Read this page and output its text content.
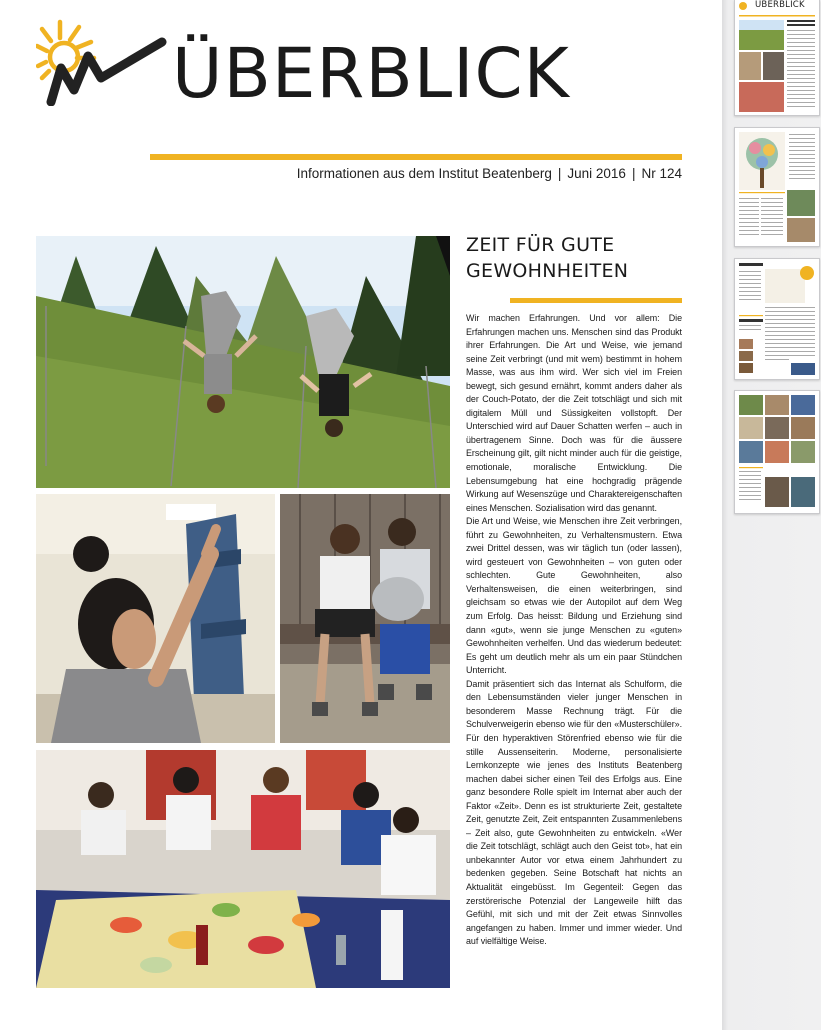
ÜBERBLICK
Informationen aus dem Institut Beatenberg | Juni 2016 | Nr 124
ZEIT FÜR GUTE
GEWOHNHEITEN

Wir machen Erfahrungen. Und vor allem: Die Erfahrungen machen uns. Menschen sind das Produkt ihrer Erfahrungen. Die Art und Weise, wie jemand seine Zeit verbringt (und mit wem) bestimmt in hohem Masse, was aus ihm wird. Wer sich viel im Freien bewegt, sich gesund ernährt, kommt anders daher als der Couch-Potato, der die Zeit totschlägt und sich mit digitalem Müll und Süssigkeiten vollstopft. Der Unterschied wird auf Dauer Schatten werfen – auch in übertragenem Sinne. Doch was für die äussere Erscheinung gilt, gilt nicht minder auch für die geistige, emotionale, moralische Entwicklung. Die Lebensumgebung hat eine hochgradig prägende Wirkung auf Wesenszüge und Charaktereigenschaften eines Menschen. Sozialisation wird das genannt.

Die Art und Weise, wie Menschen ihre Zeit verbringen, führt zu Gewohnheiten, zu Verhaltensmustern. Etwa zwei Drittel dessen, was wir täglich tun (oder lassen), wird gesteuert von Gewohnheiten – von guten oder schlechten. Gute Gewohnheiten, also Verhaltensweisen, die einen weiterbringen, sind gleichsam so etwas wie der Autopilot auf dem Weg zum Erfolg. Das heisst: Bildung und Erziehung sind dann «gut», wenn sie junge Menschen zu «guten» Gewohnheiten verhelfen. Und das wiederum bedeutet: Es geht um deutlich mehr als um ein paar Stündchen Unterricht.

Damit präsentiert sich das Internat als Schulform, die den Lebensumständen vieler junger Menschen in besonderem Masse Rechnung trägt. Für die Schulverweigerin ebenso wie für den «Musterschüler». Für den hyperaktiven Störenfried ebenso wie für die stille Aussenseiterin. Moderne, personalisierte Lernkonzepte wie jenes des Instituts Beatenberg machen dabei sicher einen Teil des Erfolgs aus. Eine ganz besondere Rolle spielt im Internat aber auch der Faktor «Zeit». Denn es ist strukturierte Zeit, gestaltete Zeit, genutzte Zeit, Zeit entspannten Zusammenlebens – Zeit also, gute Gewohnheiten zu entwickeln. «Wer die Zeit totschlägt, schlägt auch den Geist tot», hat ein unbekannter Autor vor etwa einem Jahrhundert zu bedenken gegeben. Seine Botschaft hat nichts an Aktualität eingebüsst. Im Gegenteil: Gegen das zerstörerische Potenzial der Langeweile hilft das Gefühl, mit sich und mit der Zeit etwas Sinnvolles angefangen zu haben. Immer und immer wieder. Und auf vielfältige Weise.

ÜBERBLICK
